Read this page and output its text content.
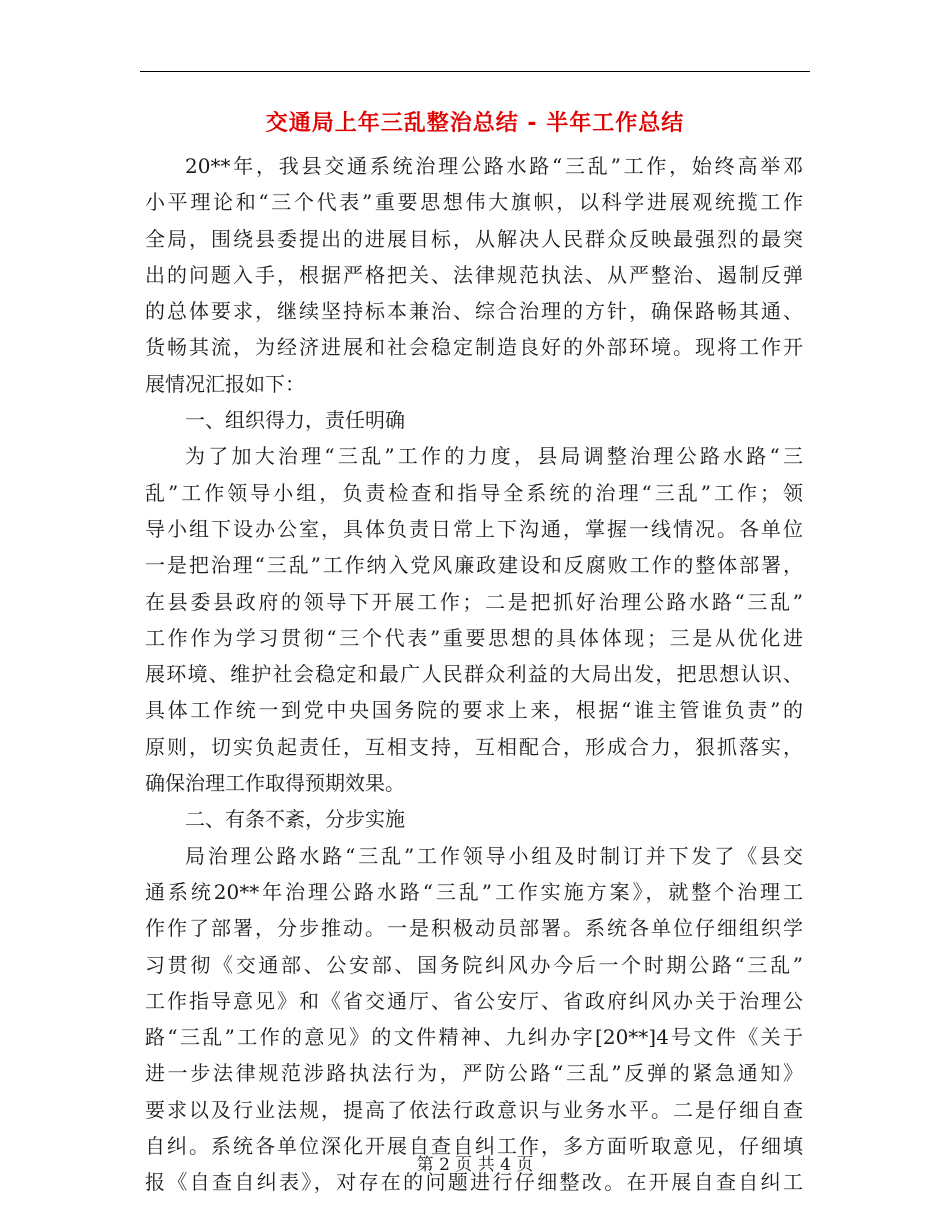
交通局上年三乱整治总结 - 半年工作总结
20**年，我县交通系统治理公路水路“三乱”工作，始终高举邓
小平理论和“三个代表”重要思想伟大旗帜，以科学进展观统揽工作
全局，围绕县委提出的进展目标，从解决人民群众反映最强烈的最突
出的问题入手，根据严格把关、法律规范执法、从严整治、遏制反弹
的总体要求，继续坚持标本兼治、综合治理的方针，确保路畅其通、
货畅其流，为经济进展和社会稳定制造良好的外部环境。现将工作开
展情况汇报如下：
一、组织得力，责任明确
为了加大治理“三乱”工作的力度，县局调整治理公路水路“三
乱”工作领导小组，负责检查和指导全系统的治理“三乱”工作；领
导小组下设办公室，具体负责日常上下沟通，掌握一线情况。各单位
一是把治理“三乱”工作纳入党风廉政建设和反腐败工作的整体部署，
在县委县政府的领导下开展工作；二是把抓好治理公路水路“三乱”
工作作为学习贯彻“三个代表”重要思想的具体体现；三是从优化进
展环境、维护社会稳定和最广人民群众利益的大局出发，把思想认识、
具体工作统一到党中央国务院的要求上来，根据“谁主管谁负责”的
原则，切实负起责任，互相支持，互相配合，形成合力，狠抓落实，
确保治理工作取得预期效果。
二、有条不紊，分步实施
局治理公路水路“三乱”工作领导小组及时制订并下发了《县交
通系统20**年治理公路水路“三乱”工作实施方案》，就整个治理工
作作了部署，分步推动。一是积极动员部署。系统各单位仔细组织学
习贯彻《交通部、公安部、国务院纠风办今后一个时期公路“三乱”
工作指导意见》和《省交通厅、省公安厅、省政府纠风办关于治理公
路“三乱”工作的意见》的文件精神、九纠办字[20**]4号文件《关于
进一步法律规范涉路执法行为，严防公路“三乱”反弹的紧急通知》
要求以及行业法规，提高了依法行政意识与业务水平。二是仔细自查
自纠。系统各单位深化开展自查自纠工作，多方面听取意见，仔细填
报《自查自纠表》，对存在的问题进行仔细整改。在开展自查自纠工
第 2 页 共 4 页
